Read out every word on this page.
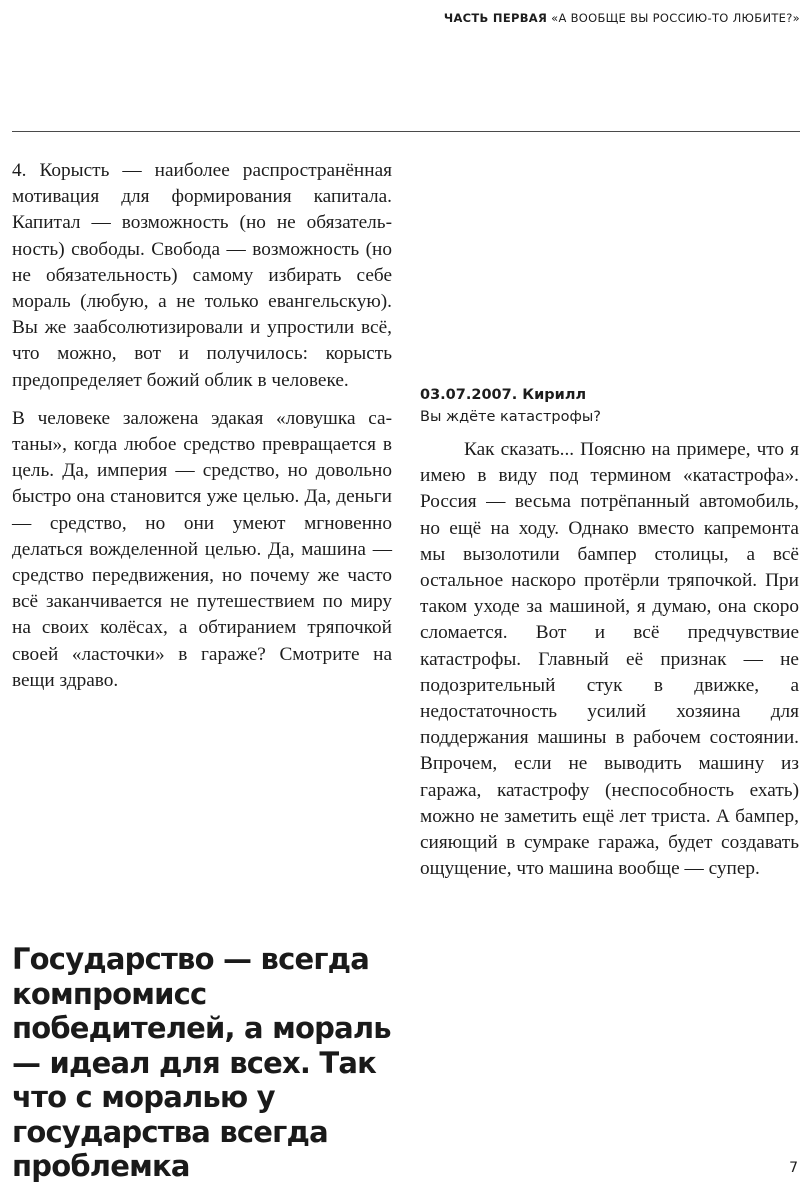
ЧАСТЬ ПЕРВАЯ «А ВООБЩЕ ВЫ РОССИЮ-ТО ЛЮБИТЕ?»

4. Корысть — наиболее распространённая мотивация для формирования капитала. Капитал — возможность (но не обязательность) свободы. Свобода — возможность (но не обязательность) самому избирать себе мораль (любую, а не только евангельскую). Вы же заабсолютизировали и упростили всё, что можно, вот и получилось: корысть предопределяет божий облик в человеке.

В человеке заложена эдакая «ловушка сатаны», когда любое средство превращается в цель. Да, империя — средство, но довольно быстро она становится уже целью. Да, деньги — средство, но они умеют мгновенно делаться вожделенной целью. Да, машина — средство передвижения, но почему же часто всё заканчивается не путешествием по миру на своих колёсах, а обтиранием тряпочкой своей «ласточки» в гараже? Смотрите на вещи здраво.

03.07.2007. Кирилл
Вы ждёте катастрофы?

Как сказать... Поясню на примере, что я имею в виду под термином «катастрофа». Россия — весьма потрёпанный автомобиль, но ещё на ходу. Однако вместо капремонта мы вызолотили бампер столицы, а всё остальное наскоро протёрли тряпочкой. При таком уходе за машиной, я думаю, она скоро сломается. Вот и всё предчувствие катастрофы. Главный её признак — не подозрительный стук в движке, а недостаточность усилий хозяина для поддержания машины в рабочем состоянии. Впрочем, если не выводить машину из гаража, катастрофу (неспособность ехать) можно не заметить ещё лет триста. А бампер, сияющий в сумраке гаража, будет создавать ощущение, что машина вообще — супер.

Государство — всегда компромисс победителей, а мораль — идеал для всех. Так что с моралью у государства всегда проблемка	7
